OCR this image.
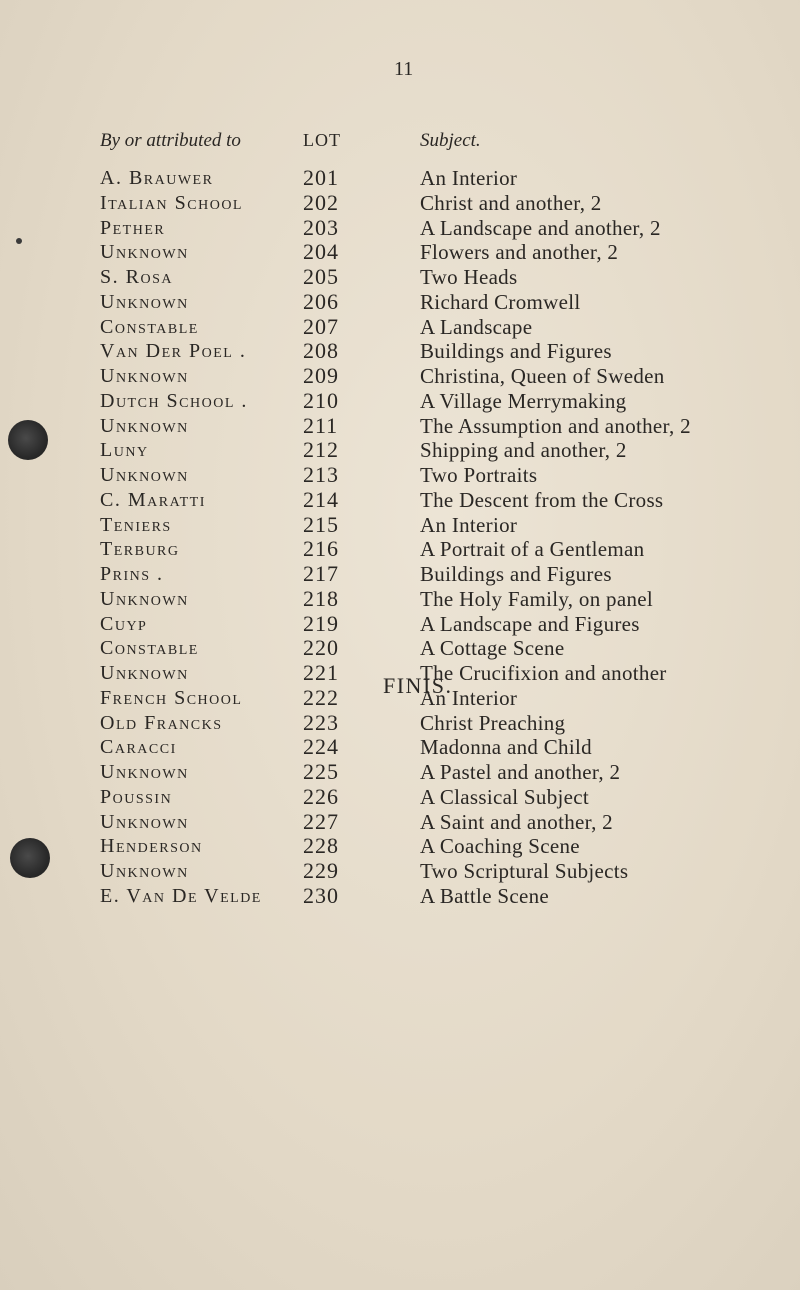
11
By or attributed to	LOT	Subject.
A. Brauwer	201	An Interior
Italian School	202	Christ and another, 2
Pether	203	A Landscape and another, 2
Unknown	204	Flowers and another, 2
S. Rosa	205	Two Heads
Unknown	206	Richard Cromwell
Constable	207	A Landscape
Van Der Poel .	208	Buildings and Figures
Unknown	209	Christina, Queen of Sweden
Dutch School .	210	A Village Merrymaking
Unknown	211	The Assumption and another, 2
Luny	212	Shipping and another, 2
Unknown	213	Two Portraits
C. Maratti	214	The Descent from the Cross
Teniers	215	An Interior
Terburg	216	A Portrait of a Gentleman
Prins .	217	Buildings and Figures
Unknown	218	The Holy Family, on panel
Cuyp	219	A Landscape and Figures
Constable	220	A Cottage Scene
Unknown	221	The Crucifixion and another
French School	222	An Interior
Old Francks	223	Christ Preaching
Caracci	224	Madonna and Child
Unknown	225	A Pastel and another, 2
Poussin	226	A Classical Subject
Unknown	227	A Saint and another, 2
Henderson	228	A Coaching Scene
Unknown	229	Two Scriptural Subjects
E. Van De Velde 230	A Battle Scene
FINIS.
